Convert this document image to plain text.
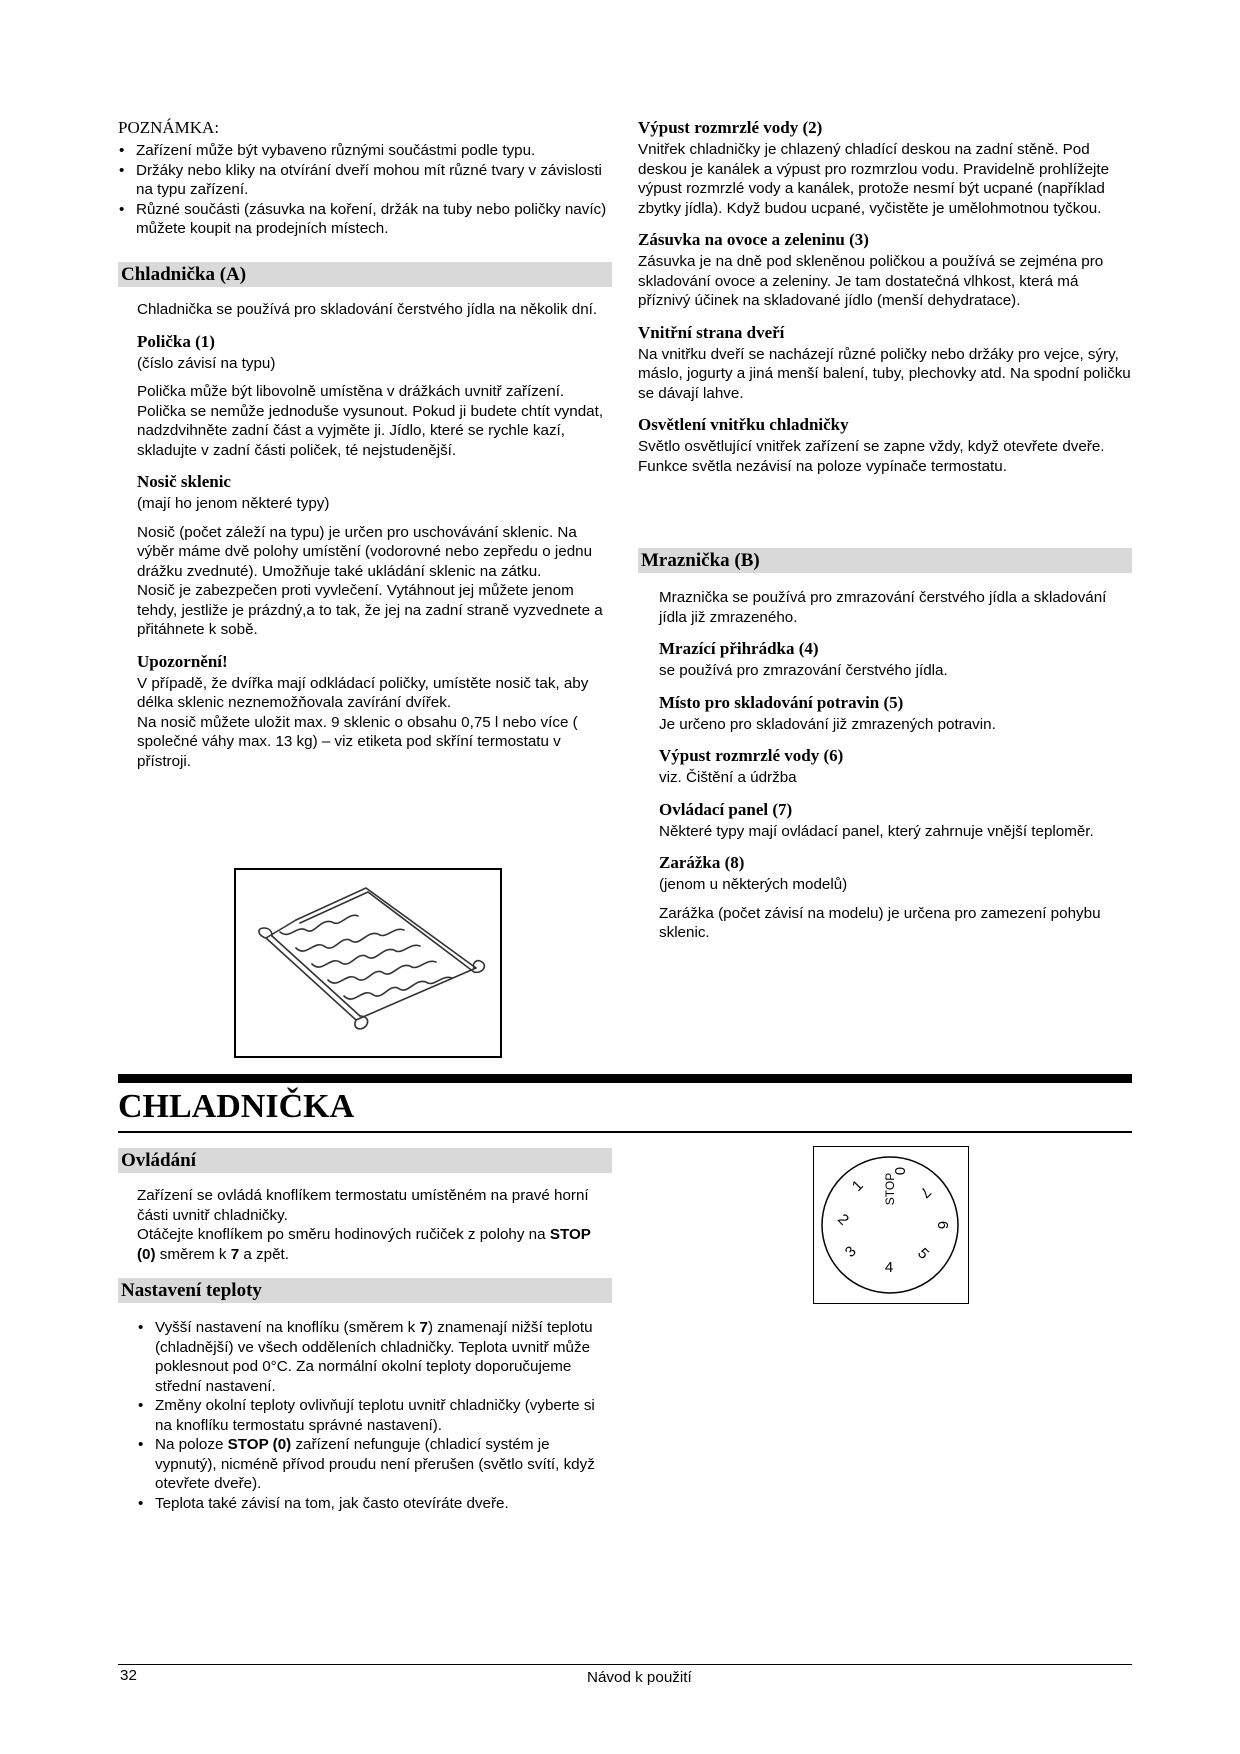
POZNÁMKA:

• Zařízení může být vybaveno různými součástmi podle typu.
• Držáky nebo kliky na otvírání dveří mohou mít různé tvary v závislosti na typu zařízení.
• Různé součásti (zásuvka na koření, držák na tuby nebo poličky navíc) můžete koupit na prodejních místech.
Chladnička (A)

Chladnička se používá pro skladování čerstvého jídla na několik dní.

Polička (1)

(číslo závisí na typu)

Polička může být libovolně umístěna v drážkách uvnitř zařízení. Polička se nemůže jednoduše vysunout. Pokud ji budete chtít vyndat, nadzdvihněte zadní část a vyjměte ji. Jídlo, které se rychle kazí, skladujte v zadní části poliček, té nejstudenější.

Nosič sklenic

(mají ho jenom některé typy)

Nosič (počet záleží na typu) je určen pro uschovávání sklenic. Na výběr máme dvě polohy umístění (vodorovné nebo zepředu o jednu drážku zvednuté). Umožňuje také ukládání sklenic na zátku.

Nosič je zabezpečen proti vyvlečení. Vytáhnout jej můžete jenom tehdy, jestliže je prázdný,a to tak, že jej na zadní straně vyzvednete a přitáhnete k sobě.

Upozornění!

V případě, že dvířka mají odkládací poličky, umístěte nosič tak, aby délka sklenic neznemožňovala zavírání dvířek.

Na nosič můžete uložit max. 9 sklenic o obsahu 0,75 l nebo více ( společné váhy max. 13 kg) – viz etiketa pod skříní termostatu v přístroji.

Výpust rozmrzlé vody (2)

Vnitřek chladničky je chlazený chladící deskou na zadní stěně. Pod deskou je kanálek a výpust pro rozmrzlou vodu. Pravidelně prohlížejte výpust rozmrzlé vody a kanálek, protože nesmí být ucpané (například zbytky jídla). Když budou ucpané, vyčistěte je umělohmotnou tyčkou.

Zásuvka na ovoce a zeleninu (3)

Zásuvka je na dně pod skleněnou poličkou a používá se zejména pro skladování ovoce a zeleniny. Je tam dostatečná vlhkost, která má příznivý účinek na skladované jídlo (menší dehydratace).

Vnitřní strana dveří

Na vnitřku dveří se nacházejí různé poličky nebo držáky pro vejce, sýry, máslo, jogurty a jiná menší balení, tuby, plechovky atd. Na spodní poličku se dávají lahve.

Osvětlení vnitřku chladničky

Světlo osvětlující vnitřek zařízení se zapne vždy, když otevřete dveře. Funkce světla nezávisí na poloze vypínače termostatu.

Mraznička (B)

Mraznička se používá pro zmrazování čerstvého jídla a skladování jídla již zmrazeného.

Mrazící přihrádka (4)

se používá pro zmrazování čerstvého jídla.

Místo pro skladování potravin (5)

Je určeno pro skladování již zmrazených potravin.

Výpust rozmrzlé vody (6)

viz. Čištění a údržba

Ovládací panel (7)

Některé typy mají ovládací panel, který zahrnuje vnější teploměr.

Zarážka (8)

(jenom u některých modelů)

Zarážka (počet závisí na modelu) je určena pro zamezení pohybu sklenic.

CHLADNIČKA
Ovládání

Zařízení se ovládá knoflíkem termostatu umístěném na pravé horní části uvnitř chladničky.

Otáčejte knoflíkem po směru hodinových ručiček z polohy na STOP (0) směrem k 7 a zpět.

Nastavení teploty
• Vyšší nastavení na knoflíku (směrem k 7) znamenají nižší teplotu (chladnější) ve všech odděleních chladničky. Teplota uvnitř může poklesnout pod 0°C. Za normální okolní teploty doporučujeme střední nastavení.
• Změny okolní teploty ovlivňují teplotu uvnitř chladničky (vyberte si na knoflíku termostatu správné nastavení).
• Na poloze STOP (0) zařízení nefunguje (chladicí systém je vypnutý), nicméně přívod proudu není přerušen (světlo svítí, když otevřete dveře).
• Teplota také závisí na tom, jak často otevíráte dveře.
STOP
0
1
2
3
4
5
6
7
32	Návod k použití
